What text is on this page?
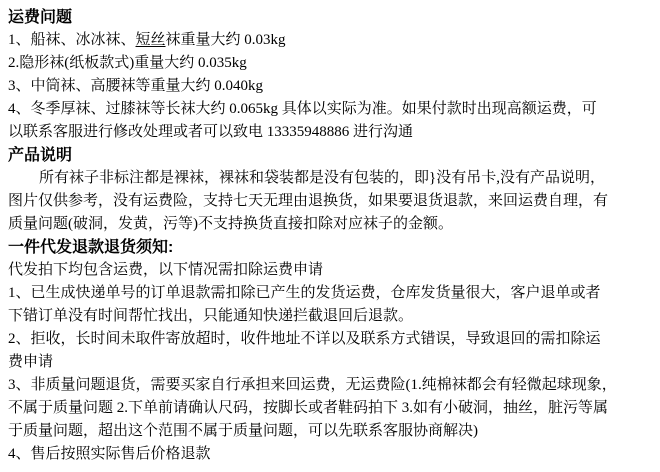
运费问题
1、船袜、冰冰袜、短丝袜重量大约 0.03kg
2.隐形袜(纸板款式)重量大约 0.035kg
3、中筒袜、高腰袜等重量大约 0.040kg
4、冬季厚袜、过膝袜等长袜大约 0.065kg 具体以实际为准。如果付款时出现高额运费，可
以联系客服进行修改处理或者可以致电 13335948886 进行沟通
产品说明
所有袜子非标注都是裸袜，裸袜和袋装都是没有包装的，即}没有吊卡,没有产品说明，
图片仅供参考，没有运费险，支持七天无理由退换货，如果要退货退款，来回运费自理，有
质量问题(破洞，发黄，污等)不支持换货直接扣除对应袜子的金额。
一件代发退款退货须知:
代发拍下均包含运费，以下情况需扣除运费申请
1、已生成快递单号的订单退款需扣除已产生的发货运费，仓库发货量很大，客户退单或者
下错订单没有时间帮忙找出，只能通知快递拦截退回后退款。
2、拒收，长时间未取件寄放超时，收件地址不详以及联系方式错误，导致退回的需扣除运
费申请
3、非质量问题退货，需要买家自行承担来回运费，无运费险(1.纯棉袜都会有轻微起球现象，
不属于质量问题 2.下单前请确认尺码，按脚长或者鞋码拍下 3.如有小破洞，抽丝，脏污等属
于质量问题，超出这个范围不属于质量问题，可以先联系客服协商解决)
4、售后按照实际售后价格退款
